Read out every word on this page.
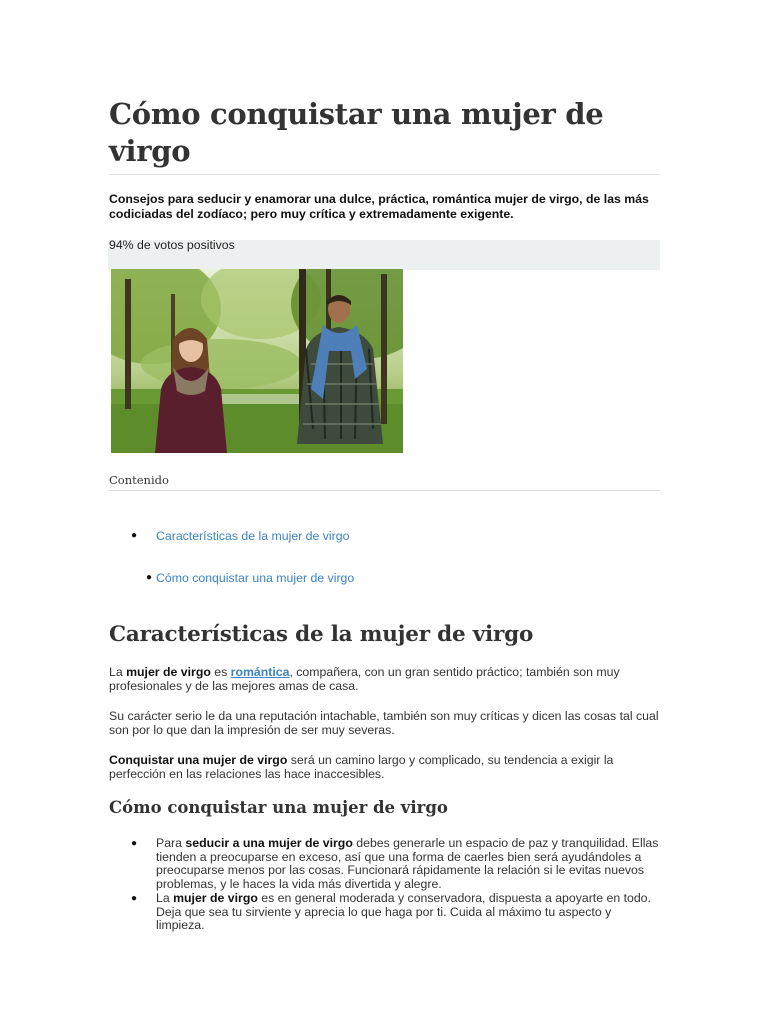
Cómo conquistar una mujer de virgo

Consejos para seducir y enamorar una dulce, práctica, romántica mujer de virgo, de las más codiciadas del zodíaco; pero muy crítica y extremadamente exigente.

94% de votos positivos
Contenido
● Características de la mujer de virgo
● Cómo conquistar una mujer de virgo
Características de la mujer de virgo

La mujer de virgo es romántica, compañera, con un gran sentido práctico; también son muy profesionales y de las mejores amas de casa.

Su carácter serio le da una reputación intachable, también son muy críticas y dicen las cosas tal cual son por lo que dan la impresión de ser muy severas.

Conquistar una mujer de virgo será un camino largo y complicado, su tendencia a exigir la perfección en las relaciones las hace inaccesibles.

Cómo conquistar una mujer de virgo
● Para seducir a una mujer de virgo debes generarle un espacio de paz y tranquilidad. Ellas tienden a preocuparse en exceso, así que una forma de caerles bien será ayudándoles a preocuparse menos por las cosas. Funcionará rápidamente la relación si le evitas nuevos problemas, y le haces la vida más divertida y alegre.

● La mujer de virgo es en general moderada y conservadora, dispuesta a apoyarte en todo. Deja que sea tu sirviente y aprecia lo que haga por ti. Cuida al máximo tu aspecto y limpieza.
